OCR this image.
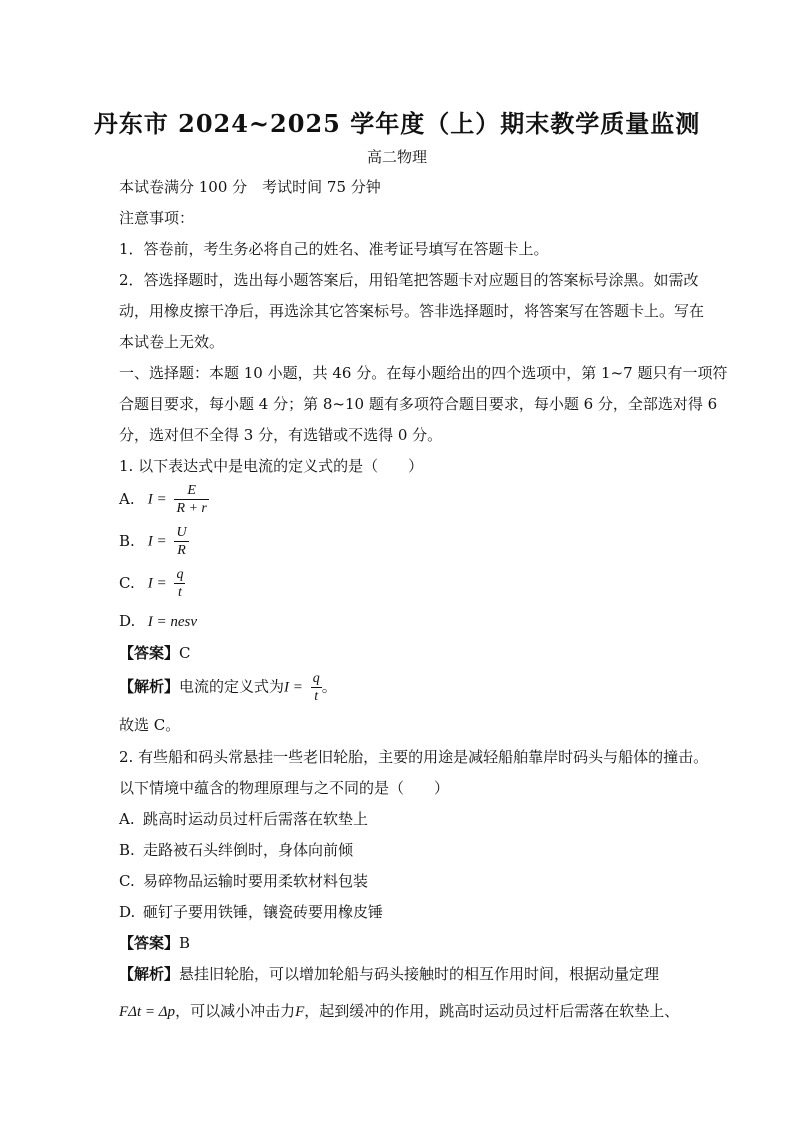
丹东市 2024~2025 学年度（上）期末教学质量监测
高二物理
本试卷满分 100 分　考试时间 75 分钟
注意事项：
1．答卷前，考生务必将自己的姓名、准考证号填写在答题卡上。
2．答选择题时，选出每小题答案后，用铅笔把答题卡对应题目的答案标号涂黑。如需改
动，用橡皮擦干净后，再选涂其它答案标号。答非选择题时，将答案写在答题卡上。写在
本试卷上无效。
一、选择题：本题 10 小题，共 46 分。在每小题给出的四个选项中，第 1~7 题只有一项符
合题目要求，每小题 4 分；第 8~10 题有多项符合题目要求，每小题 6 分，全部选对得 6
分，选对但不全得 3 分，有选错或不选得 0 分。
1. 以下表达式中是电流的定义式的是（　　）
A. $I = \frac{E}{R + r}$
B. $I = \frac{U}{R}$
C. $I = \frac{q}{t}$
D. I = nesv
【答案】C
【解析】电流的定义式为$I = \frac{q}{t}$ 。
故选 C。
2. 有些船和码头常悬挂一些老旧轮胎，主要的用途是减轻船舶靠岸时码头与船体的撞击。
以下情境中蕴含的物理原理与之不同的是（　　）
A. 跳高时运动员过杆后需落在软垫上
B. 走路被石头绊倒时，身体向前倾
C. 易碎物品运输时要用柔软材料包装
D. 砸钉子要用铁锤，镶瓷砖要用橡皮锤
【答案】B
【解析】悬挂旧轮胎，可以增加轮船与码头接触时的相互作用时间，根据动量定理
FΔt = Δp，可以减小冲击力F，起到缓冲的作用，跳高时运动员过杆后需落在软垫上、
